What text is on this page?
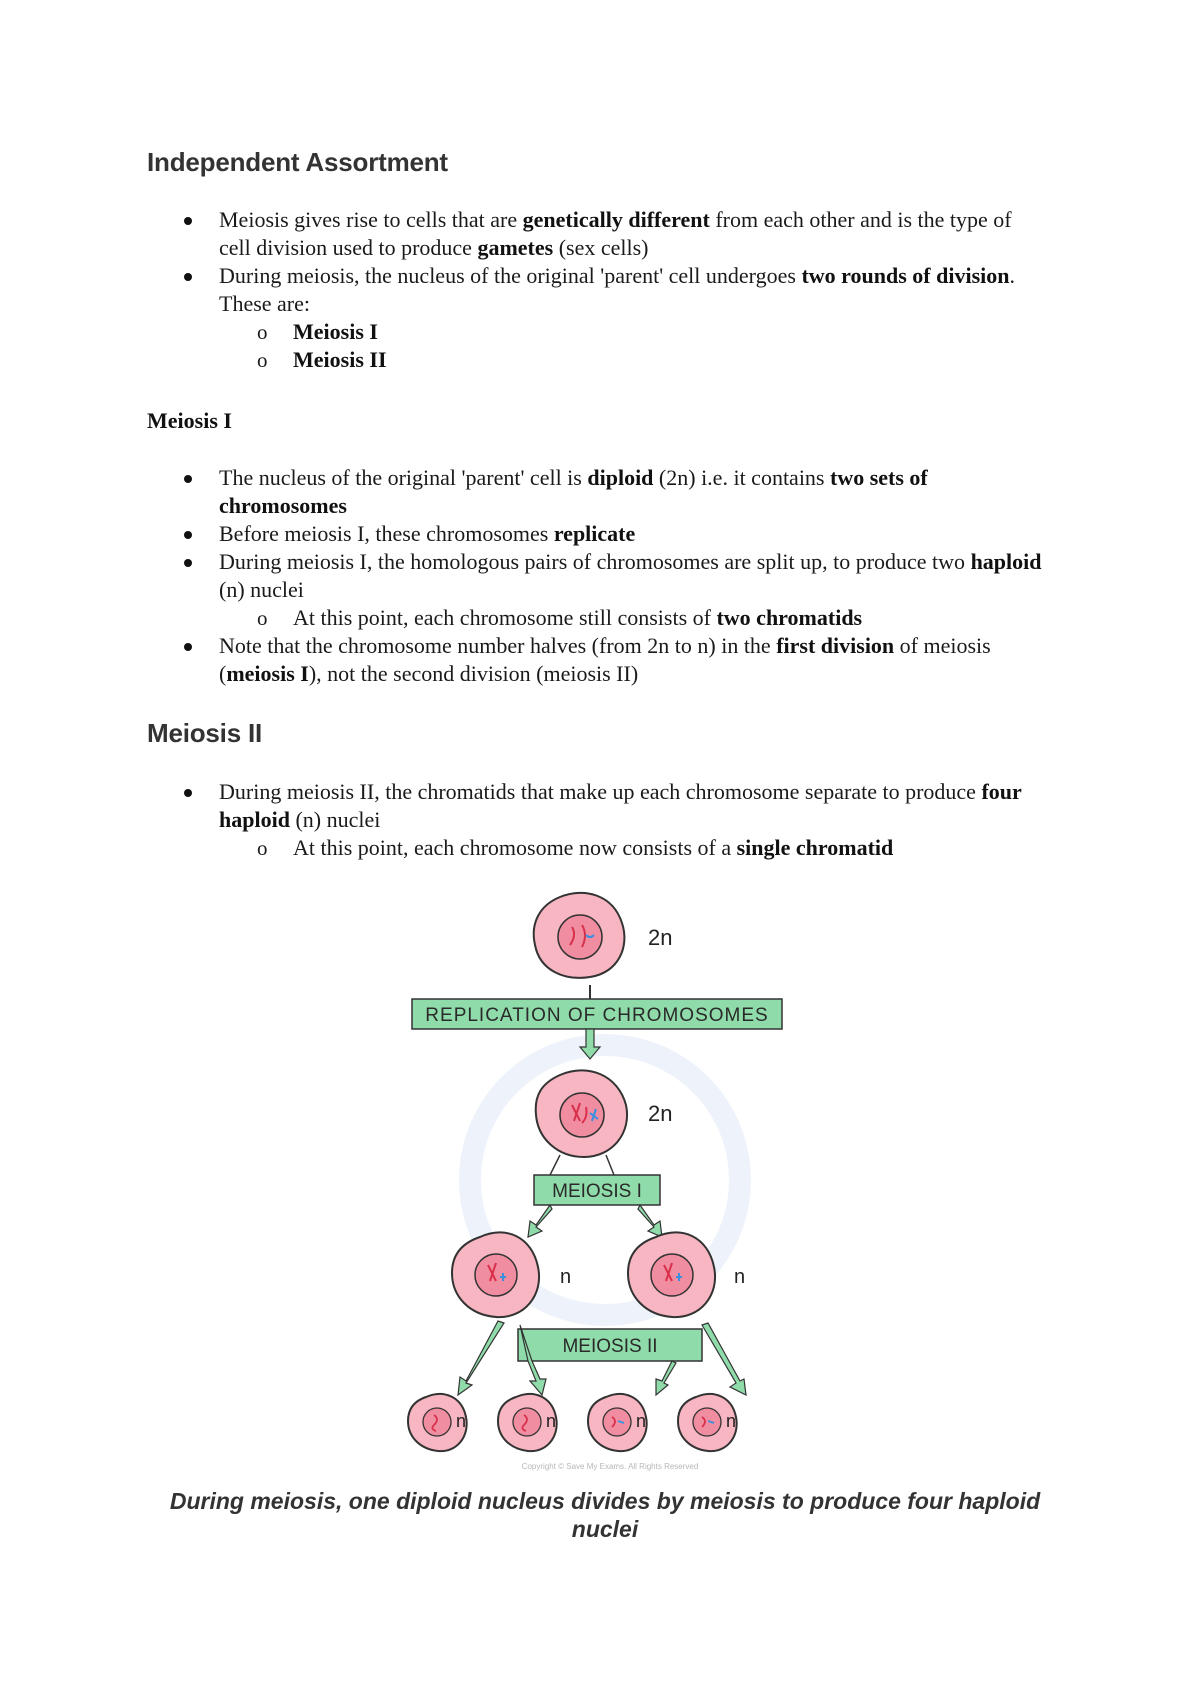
Independent Assortment
Meiosis gives rise to cells that are genetically different from each other and is the type of cell division used to produce gametes (sex cells)
During meiosis, the nucleus of the original 'parent' cell undergoes two rounds of division. These are:
o Meiosis I
o Meiosis II
Meiosis I
The nucleus of the original 'parent' cell is diploid (2n) i.e. it contains two sets of chromosomes
Before meiosis I, these chromosomes replicate
During meiosis I, the homologous pairs of chromosomes are split up, to produce two haploid (n) nuclei
o At this point, each chromosome still consists of two chromatids
Note that the chromosome number halves (from 2n to n) in the first division of meiosis (meiosis I), not the second division (meiosis II)
Meiosis II
During meiosis II, the chromatids that make up each chromosome separate to produce four haploid (n) nuclei
o At this point, each chromosome now consists of a single chromatid
2n
REPLICATION OF CHROMOSOMES
2n
MEIOSIS I
n	n
MEIOSIS II
n	n	n	n
Copyright © Save My Exams. All Rights Reserved

During meiosis, one diploid nucleus divides by meiosis to produce four haploid nuclei
